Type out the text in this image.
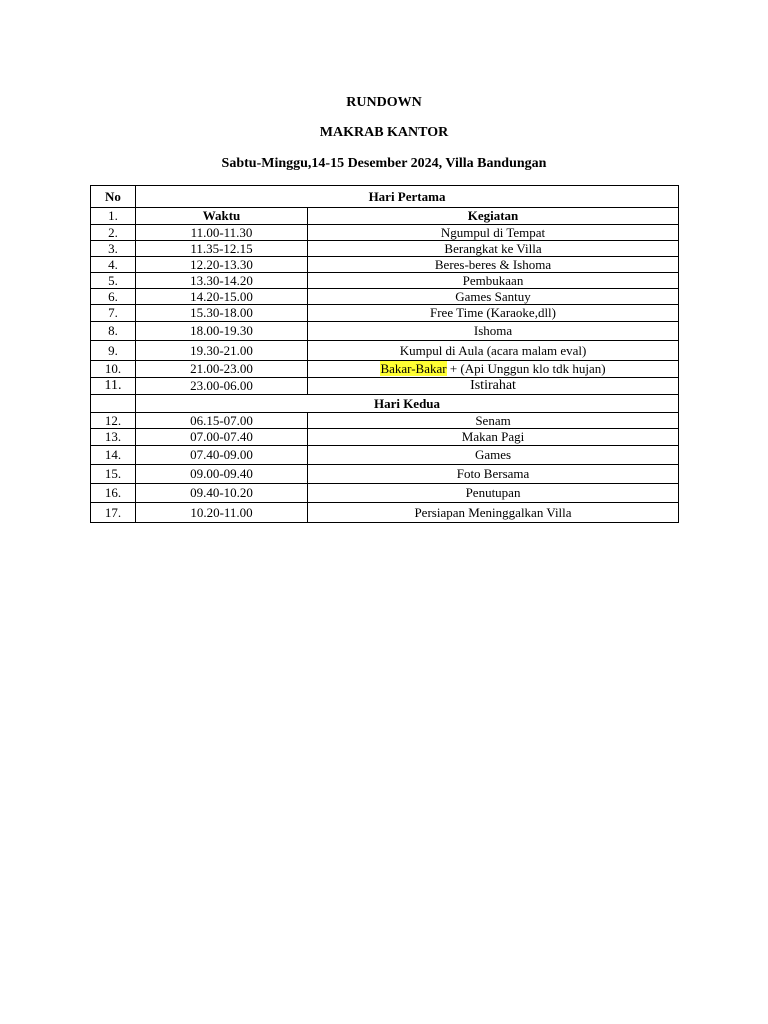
RUNDOWN
MAKRAB KANTOR
Sabtu-Minggu,14-15 Desember 2024, Villa Bandungan
No	Hari Pertama	
1.	Waktu	Kegiatan
2.	11.00-11.30	Ngumpul di Tempat
3.	11.35-12.15	Berangkat ke Villa
4.	12.20-13.30	Beres-beres & Ishoma
5.	13.30-14.20	Pembukaan
6.	14.20-15.00	Games Santuy
7.	15.30-18.00	Free Time (Karaoke,dll)
8.	18.00-19.30	Ishoma
9.	19.30-21.00	Kumpul di Aula (acara malam eval)
10.	21.00-23.00	Bakar-Bakar + (Api Unggun klo tdk hujan)
11.	23.00-06.00	Istirahat
	Hari Kedua	
12.	06.15-07.00	Senam
13.	07.00-07.40	Makan Pagi
14.	07.40-09.00	Games
15.	09.00-09.40	Foto Bersama
16.	09.40-10.20	Penutupan
17.	10.20-11.00	Persiapan Meninggalkan Villa
